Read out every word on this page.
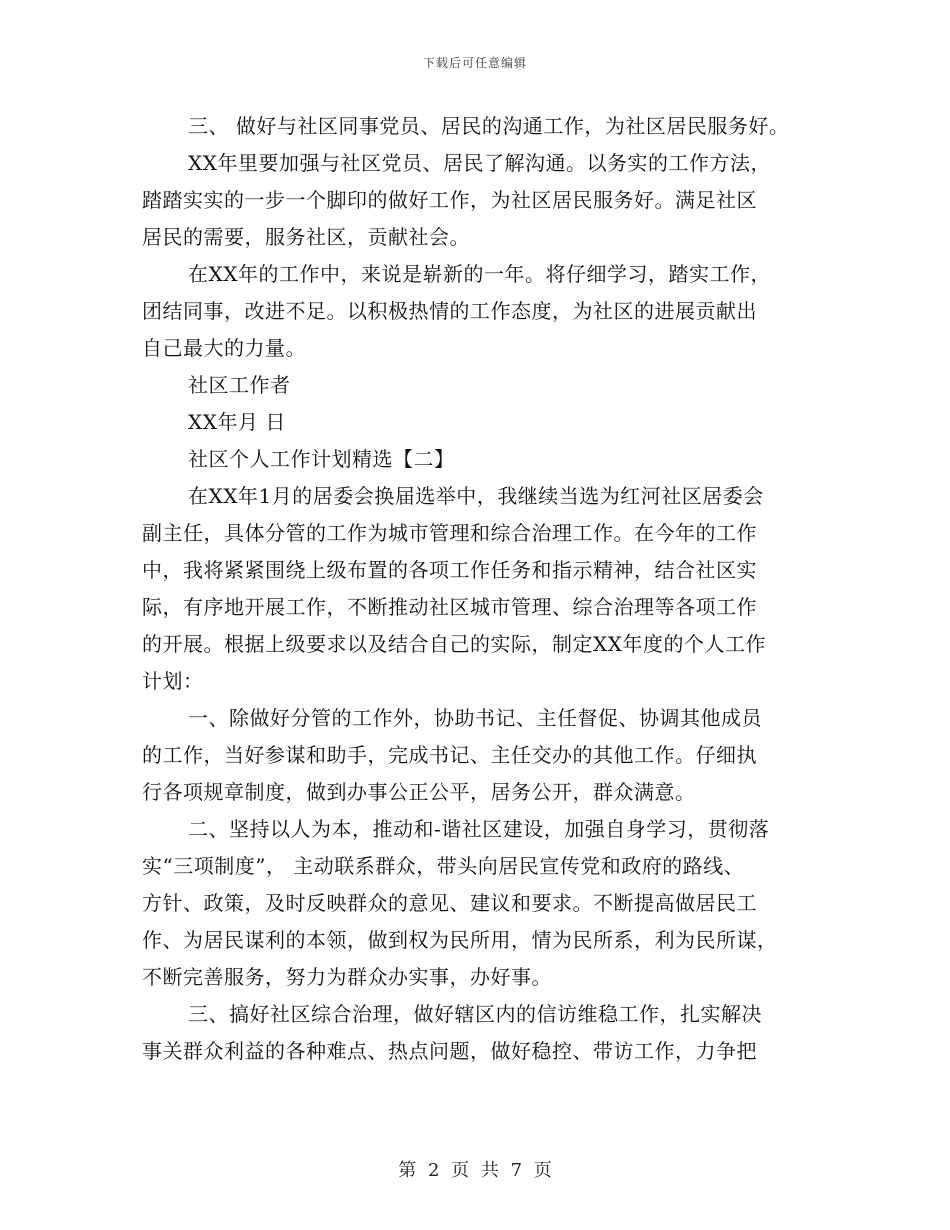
下载后可任意编辑
三、 做好与社区同事党员、居民的沟通工作，为社区居民服务好。
XX年里要加强与社区党员、居民了解沟通。以务实的工作方法，
踏踏实实的一步一个脚印的做好工作，为社区居民服务好。满足社区
居民的需要，服务社区，贡献社会。
在XX年的工作中，来说是崭新的一年。将仔细学习，踏实工作，
团结同事，改进不足。以积极热情的工作态度，为社区的进展贡献出
自己最大的力量。
社区工作者
XX年月 日
社区个人工作计划精选【二】
在XX年1月的居委会换届选举中，我继续当选为红河社区居委会
副主任，具体分管的工作为城市管理和综合治理工作。在今年的工作
中，我将紧紧围绕上级布置的各项工作任务和指示精神，结合社区实
际，有序地开展工作，不断推动社区城市管理、综合治理等各项工作
的开展。根据上级要求以及结合自己的实际，制定XX年度的个人工作
计划：
一、除做好分管的工作外，协助书记、主任督促、协调其他成员
的工作，当好参谋和助手，完成书记、主任交办的其他工作。仔细执
行各项规章制度，做到办事公正公平，居务公开，群众满意。
二、坚持以人为本，推动和-谐社区建设，加强自身学习，贯彻落
实“三项制度”， 主动联系群众，带头向居民宣传党和政府的路线、
方针、政策，及时反映群众的意见、建议和要求。不断提高做居民工
作、为居民谋利的本领，做到权为民所用，情为民所系，利为民所谋，
不断完善服务，努力为群众办实事，办好事。
三、搞好社区综合治理，做好辖区内的信访维稳工作，扎实解决
事关群众利益的各种难点、热点问题，做好稳控、带访工作，力争把
第 2 页 共 7 页
